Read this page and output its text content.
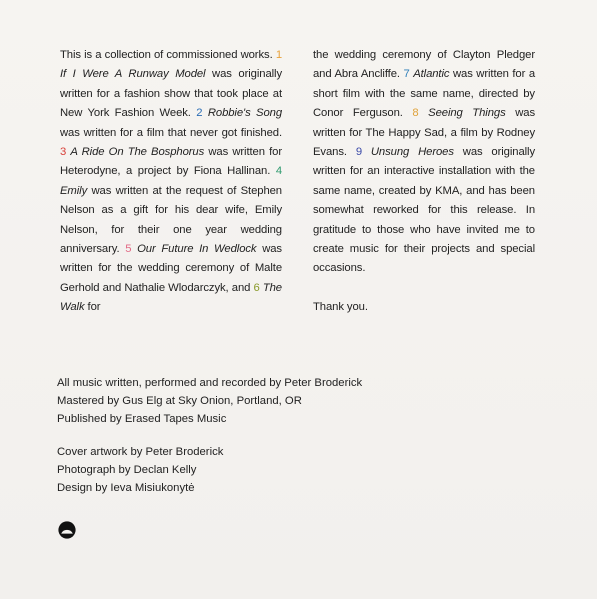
This is a collection of commissioned works. 1 If I Were A Runway Model was originally written for a fashion show that took place at New York Fashion Week. 2 Robbie's Song was written for a film that never got finished. 3 A Ride On The Bosphorus was written for Heterodyne, a project by Fiona Hallinan. 4 Emily was written at the request of Stephen Nelson as a gift for his dear wife, Emily Nelson, for their one year wedding anniversary. 5 Our Future In Wedlock was written for the wedding ceremony of Malte Gerhold and Nathalie Wlodarczyk, and 6 The Walk for

the wedding ceremony of Clayton Pledger and Abra Ancliffe. 7 Atlantic was written for a short film with the same name, directed by Conor Ferguson. 8 Seeing Things was written for The Happy Sad, a film by Rodney Evans. 9 Unsung Heroes was originally written for an interactive installation with the same name, created by KMA, and has been somewhat reworked for this release. In gratitude to those who have invited me to create music for their projects and special occasions.

Thank you.

All music written, performed and recorded by Peter Broderick
Mastered by Gus Elg at Sky Onion, Portland, OR
Published by Erased Tapes Music
Cover artwork by Peter Broderick
Photograph by Declan Kelly
Design by Ieva Misiukonytė
